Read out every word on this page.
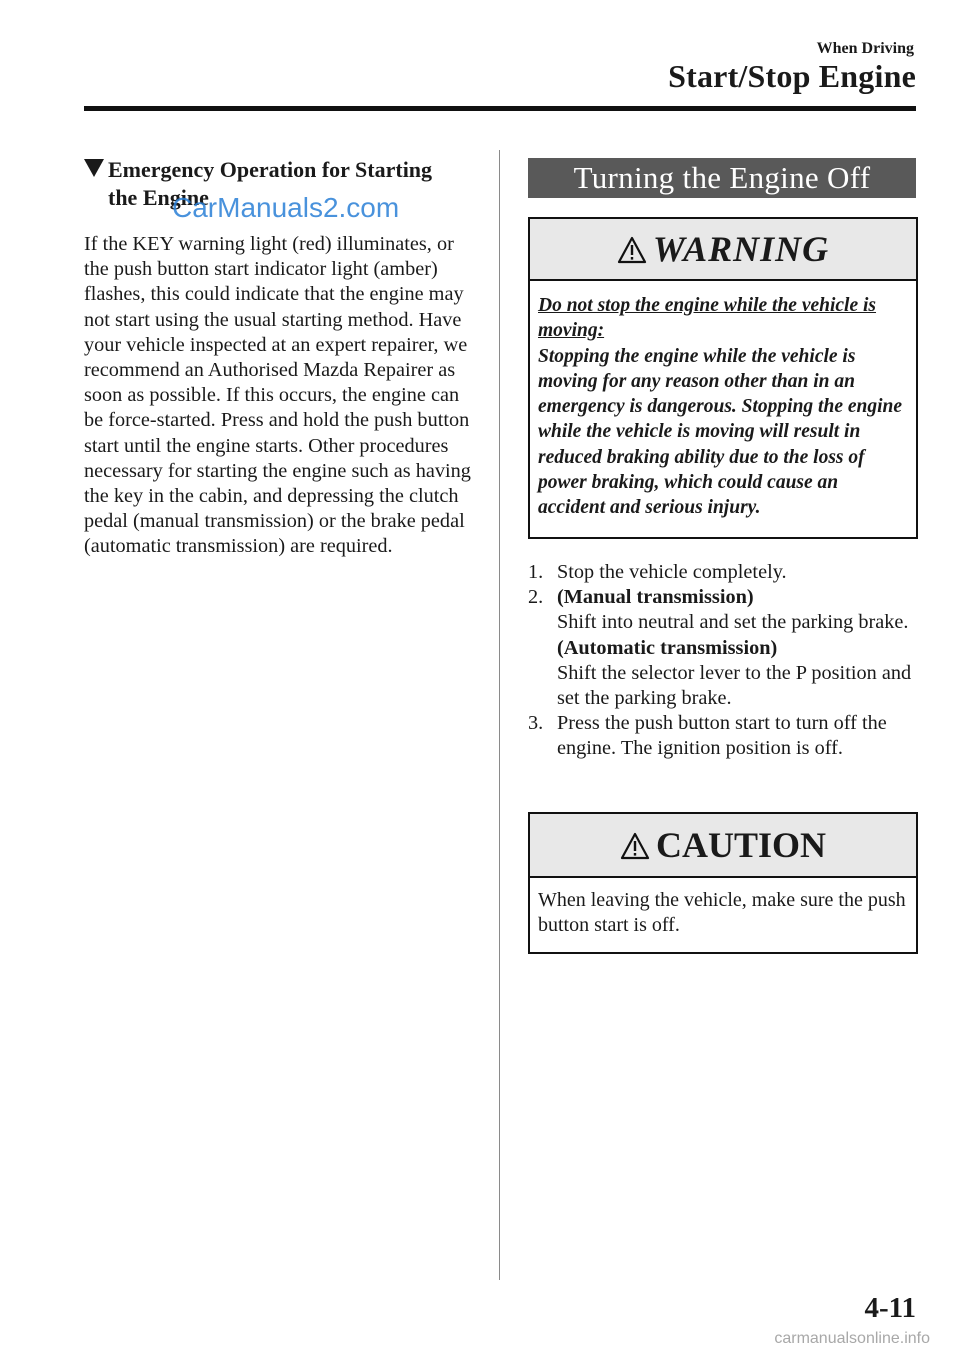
When Driving
Start/Stop Engine
Emergency Operation for Starting
the Engine
CarManuals2.com

If the KEY warning light (red) illuminates, or the push button start indicator light (amber) flashes, this could indicate that the engine may not start using the usual starting method. Have your vehicle inspected at an expert repairer, we recommend an Authorised Mazda Repairer as soon as possible. If this occurs, the engine can be force-started. Press and hold the push button start until the engine starts. Other procedures necessary for starting the engine such as having the key in the cabin, and depressing the clutch pedal (manual transmission) or the brake pedal (automatic transmission) are required.

Turning the Engine Off
WARNING
Do not stop the engine while the vehicle is moving:
Stopping the engine while the vehicle is moving for any reason other than in an emergency is dangerous. Stopping the engine while the vehicle is moving will result in reduced braking ability due to the loss of power braking, which could cause an accident and serious injury.
1. Stop the vehicle completely.
2. (Manual transmission)
Shift into neutral and set the parking brake.
(Automatic transmission)
Shift the selector lever to the P position and set the parking brake.
3. Press the push button start to turn off the engine. The ignition position is off.
CAUTION
When leaving the vehicle, make sure the push button start is off.
4-11
carmanualsonline.info
